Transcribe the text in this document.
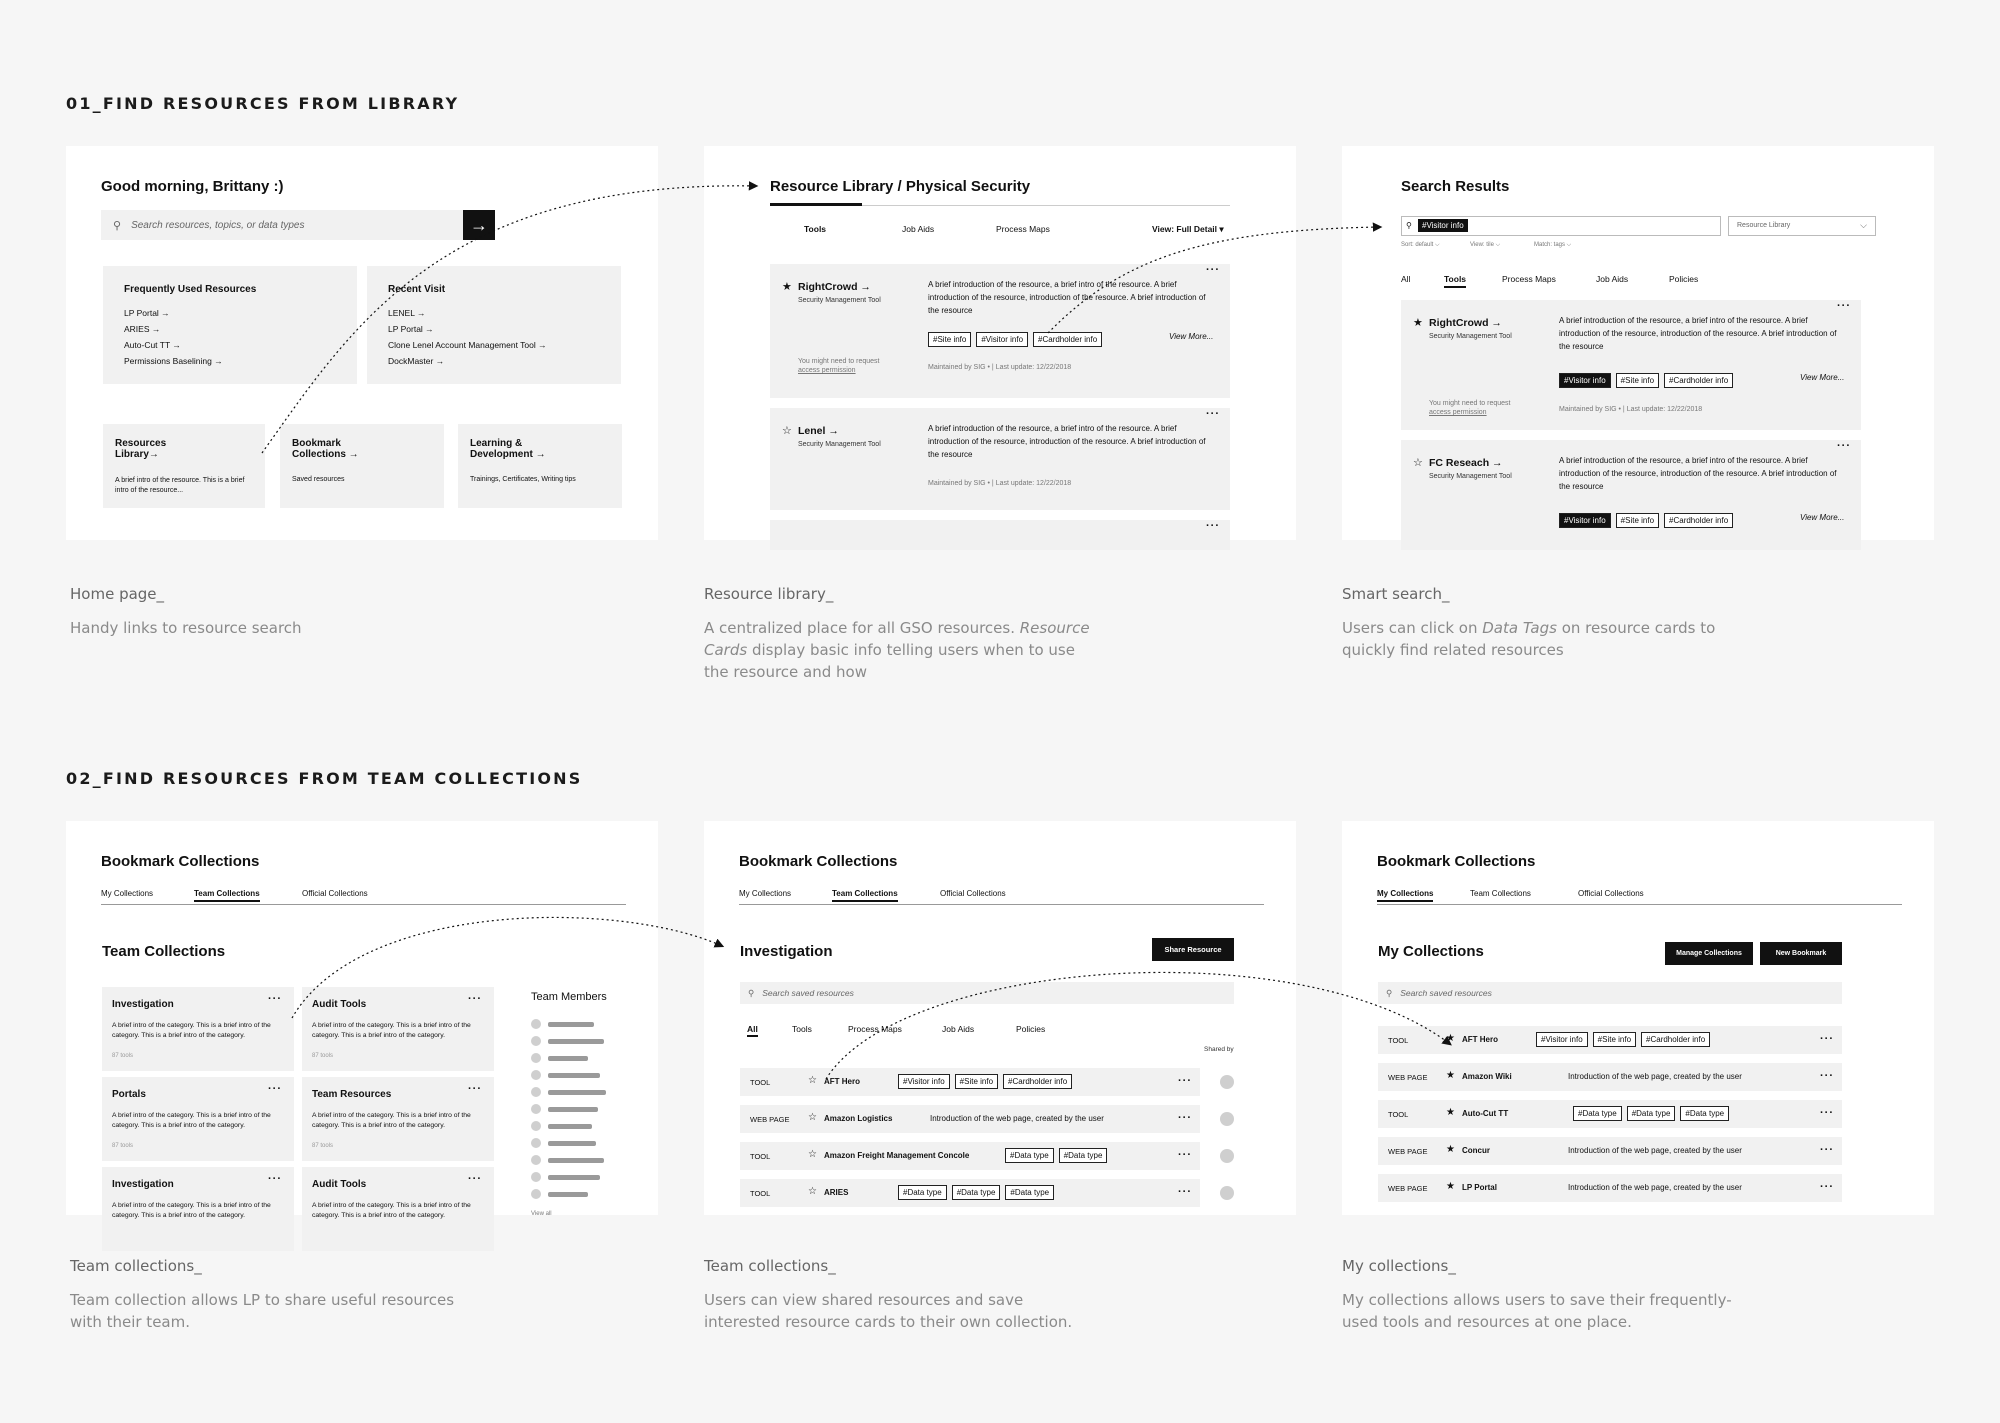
01_FIND RESOURCES FROM LIBRARY
02_FIND RESOURCES FROM TEAM COLLECTIONS
Good morning, Brittany :)
⚲ Search resources, topics, or data types	→
Frequently Used Resources
LP Portal →
ARIES →
Auto-Cut TT →
Permissions Baselining →
Recent Visit
LENEL →
LP Portal →
Clone Lenel Account Management Tool →
DockMaster →
Resources
Library→
A brief intro of the resource. This is a brief intro of the resource...
Bookmark
Collections →
Saved resources
Learning &
Development →
Trainings, Certificates, Writing tips
Resource Library / Physical Security
Tools	Job Aids	Process Maps	View: Full Detail ▾
★ RightCrowd →
Security Management Tool
A brief introduction of the resource, a brief intro of the resource. A brief introduction of the resource, introduction of the resource. A brief introduction of the resource
#Site info #Visitor info #Cardholder info	View More...
You might need to request
access permission	Maintained by SIG • | Last update: 12/22/2018
···
☆ Lenel →
Security Management Tool
A brief introduction of the resource, a brief intro of the resource. A brief introduction of the resource, introduction of the resource. A brief introduction of the resource
Maintained by SIG • | Last update: 12/22/2018
···
···
Search Results
⚲	#Visitor info	Resource Library	⌵
Sort: default ⌵	View: tile ⌵	Match: tags ⌵
All	Tools	Process Maps	Job Aids	Policies
★ RightCrowd →
Security Management Tool
A brief introduction of the resource, a brief intro of the resource. A brief introduction of the resource, introduction of the resource. A brief introduction of the resource
#Visitor info #Site info #Cardholder info	View More...
You might need to request
access permission	Maintained by SIG • | Last update: 12/22/2018
···
☆ FC Reseach →
Security Management Tool
A brief introduction of the resource, a brief intro of the resource. A brief introduction of the resource, introduction of the resource. A brief introduction of the resource
#Visitor info #Site info #Cardholder info	View More...
···
Bookmark Collections
My Collections	Team Collections	Official Collections
Team Collections
Investigation	···
A brief intro of the category. This is a brief intro of the category. This is a brief intro of the category.
87 tools
Audit Tools	···
A brief intro of the category. This is a brief intro of the category. This is a brief intro of the category.
87 tools
Portals	···
A brief intro of the category. This is a brief intro of the category. This is a brief intro of the category.
87 tools
Team Resources	···
A brief intro of the category. This is a brief intro of the category. This is a brief intro of the category.
87 tools
Investigation	···
A brief intro of the category. This is a brief intro of the category. This is a brief intro of the category.
Audit Tools	···
A brief intro of the category. This is a brief intro of the category. This is a brief intro of the category.
Team Members
View all
Bookmark Collections
My Collections	Team Collections	Official Collections
Investigation	Share Resource
⚲ Search saved resources
All	Tools	Process Maps	Job Aids	Policies
Shared by
TOOL	☆ AFT Hero	#Visitor info #Site info #Cardholder info	···
WEB PAGE ☆ Amazon Logistics	Introduction of the web page, created by the user	···
TOOL	☆ Amazon Freight Management Concole	#Data type #Data type	···
TOOL	☆ ARIES	#Data type #Data type #Data type	···
Bookmark Collections
My Collections	Team Collections	Official Collections
My Collections	Manage Collections	New Bookmark
⚲ Search saved resources
TOOL	★ AFT Hero	#Visitor info #Site info #Cardholder info	···
WEB PAGE ★ Amazon Wiki	Introduction of the web page, created by the user	···
TOOL	★ Auto-Cut TT	#Data type #Data type #Data type	···
WEB PAGE ★ Concur	Introduction of the web page, created by the user	···
WEB PAGE ★ LP Portal	Introduction of the web page, created by the user	···
Home page_
Handy links to resource search
Resource library_
A centralized place for all GSO resources. Resource Cards display basic info telling users when to use the resource and how
Smart search_
Users can click on Data Tags on resource cards to quickly find related resources
Team collections_
Team collection allows LP to share useful resources with their team.
Team collections_
Users can view shared resources and save interested resource cards to their own collection.
My collections_
My collections allows users to save their frequently-used tools and resources at one place.
